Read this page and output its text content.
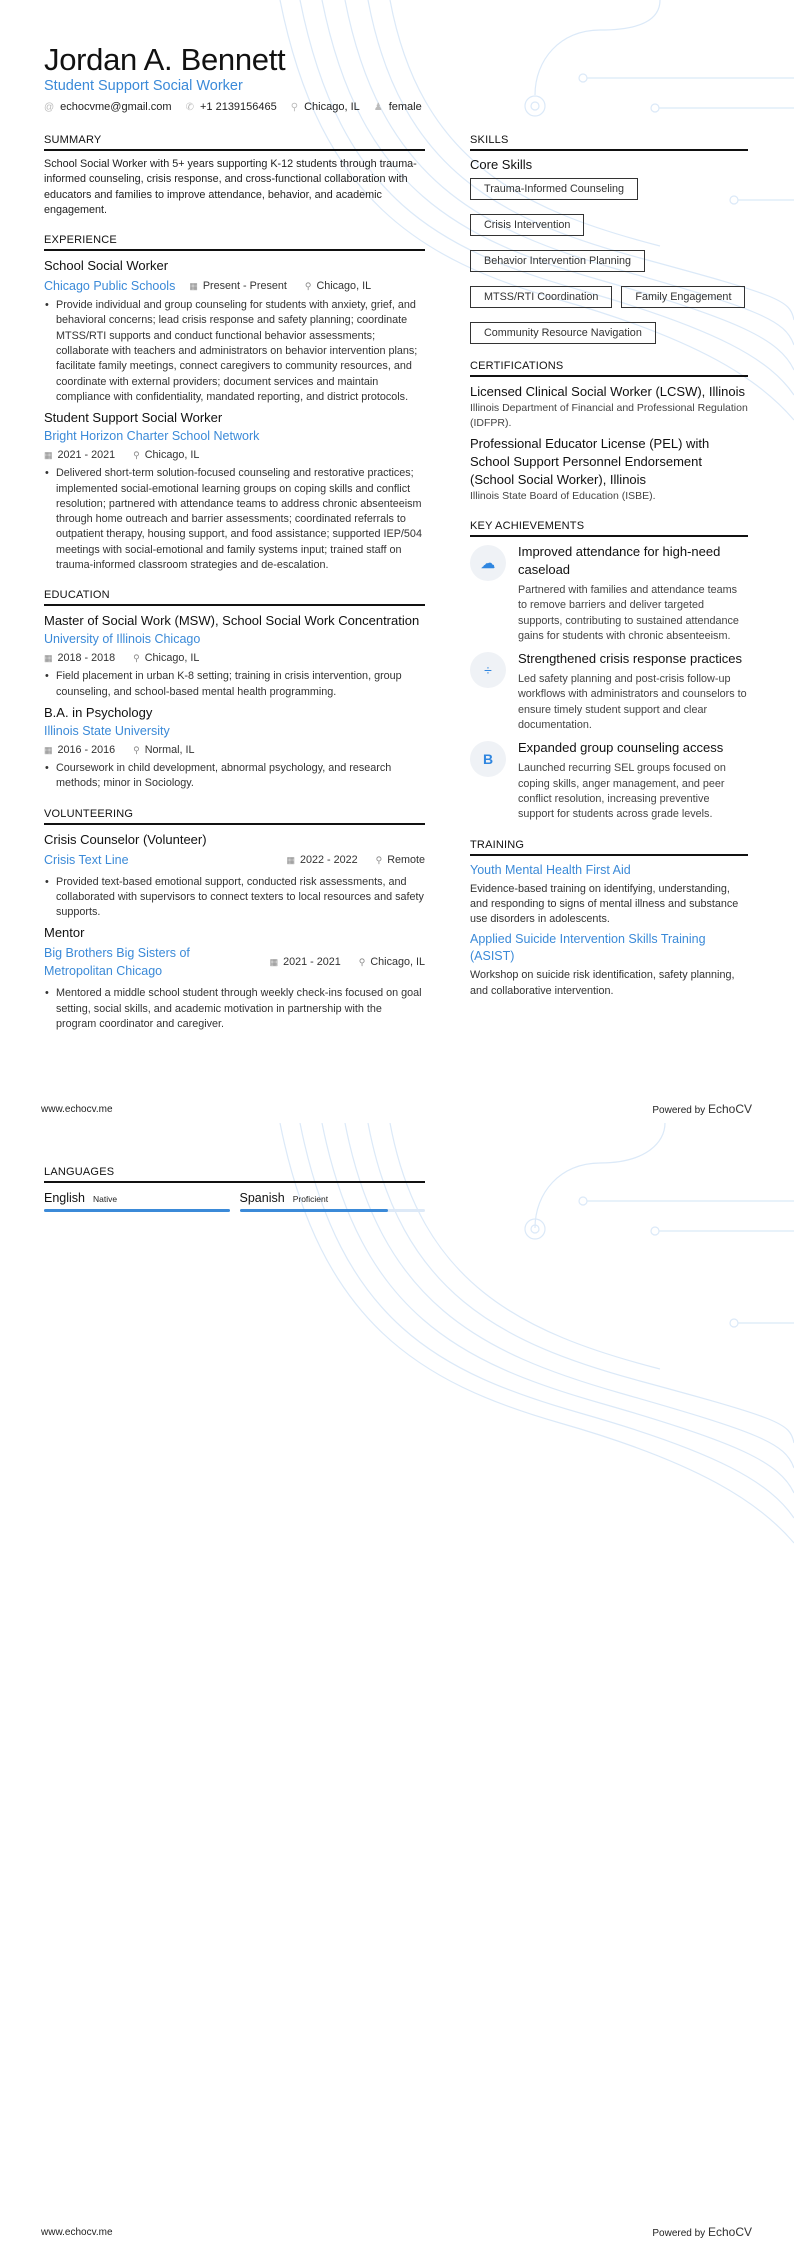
Jordan A. Bennett
Student Support Social Worker
@ echocvme@gmail.com ✆ +1 2139156465 ⚲ Chicago, IL ♟ female
SUMMARY
School Social Worker with 5+ years supporting K-12 students through trauma-informed counseling, crisis response, and cross-functional collaboration with educators and families to improve attendance, behavior, and academic engagement.
EXPERIENCE
School Social Worker
Chicago Public Schools ▦ Present - Present ⚲ Chicago, IL
• Provide individual and group counseling for students with anxiety, grief, and behavioral concerns; lead crisis response and safety planning; coordinate MTSS/RTI supports and conduct functional behavior assessments; collaborate with teachers and administrators on behavior intervention plans; facilitate family meetings, connect caregivers to community resources, and coordinate with external providers; document services and maintain compliance with confidentiality, mandated reporting, and district protocols.
Student Support Social Worker
Bright Horizon Charter School Network
▦ 2021 - 2021 ⚲ Chicago, IL
• Delivered short-term solution-focused counseling and restorative practices; implemented social-emotional learning groups on coping skills and conflict resolution; partnered with attendance teams to address chronic absenteeism through home outreach and barrier assessments; coordinated referrals to outpatient therapy, housing support, and food assistance; supported IEP/504 meetings with social-emotional and family systems input; trained staff on trauma-informed classroom strategies and de-escalation.
EDUCATION
Master of Social Work (MSW), School Social Work Concentration
University of Illinois Chicago
▦ 2018 - 2018 ⚲ Chicago, IL
• Field placement in urban K-8 setting; training in crisis intervention, group counseling, and school-based mental health programming.
B.A. in Psychology
Illinois State University
▦ 2016 - 2016 ⚲ Normal, IL
• Coursework in child development, abnormal psychology, and research methods; minor in Sociology.
VOLUNTEERING
Crisis Counselor (Volunteer)
Crisis Text Line	▦ 2022 - 2022 ⚲ Remote
• Provided text-based emotional support, conducted risk assessments, and collaborated with supervisors to connect texters to local resources and safety supports.
Mentor
Big Brothers Big Sisters of Metropolitan Chicago
▦ 2021 - 2021 ⚲ Chicago, IL
• Mentored a middle school student through weekly check-ins focused on goal setting, social skills, and academic motivation in partnership with the program coordinator and caregiver.
SKILLS
Core Skills
Trauma-Informed Counseling
Crisis Intervention
Behavior Intervention Planning
MTSS/RTI Coordination	Family Engagement
Community Resource Navigation
CERTIFICATIONS
Licensed Clinical Social Worker (LCSW), Illinois
Illinois Department of Financial and Professional Regulation (IDFPR).
Professional Educator License (PEL) with School Support Personnel Endorsement (School Social Worker), Illinois
Illinois State Board of Education (ISBE).
KEY ACHIEVEMENTS
☁
Improved attendance for high-need caseload
Partnered with families and attendance teams to remove barriers and deliver targeted supports, contributing to sustained attendance gains for students with chronic absenteeism.
÷
Strengthened crisis response practices
Led safety planning and post-crisis follow-up workflows with administrators and counselors to ensure timely student support and clear documentation.
B
Expanded group counseling access
Launched recurring SEL groups focused on coping skills, anger management, and peer conflict resolution, increasing preventive support for students across grade levels.
TRAINING
Youth Mental Health First Aid
Evidence-based training on identifying, understanding, and responding to signs of mental illness and substance use disorders in adolescents.
Applied Suicide Intervention Skills Training (ASIST)
Workshop on suicide risk identification, safety planning, and collaborative intervention.
www.echocv.me	Powered by EchoCV
LANGUAGES
English Native	Spanish Proficient
www.echocv.me	Powered by EchoCV
